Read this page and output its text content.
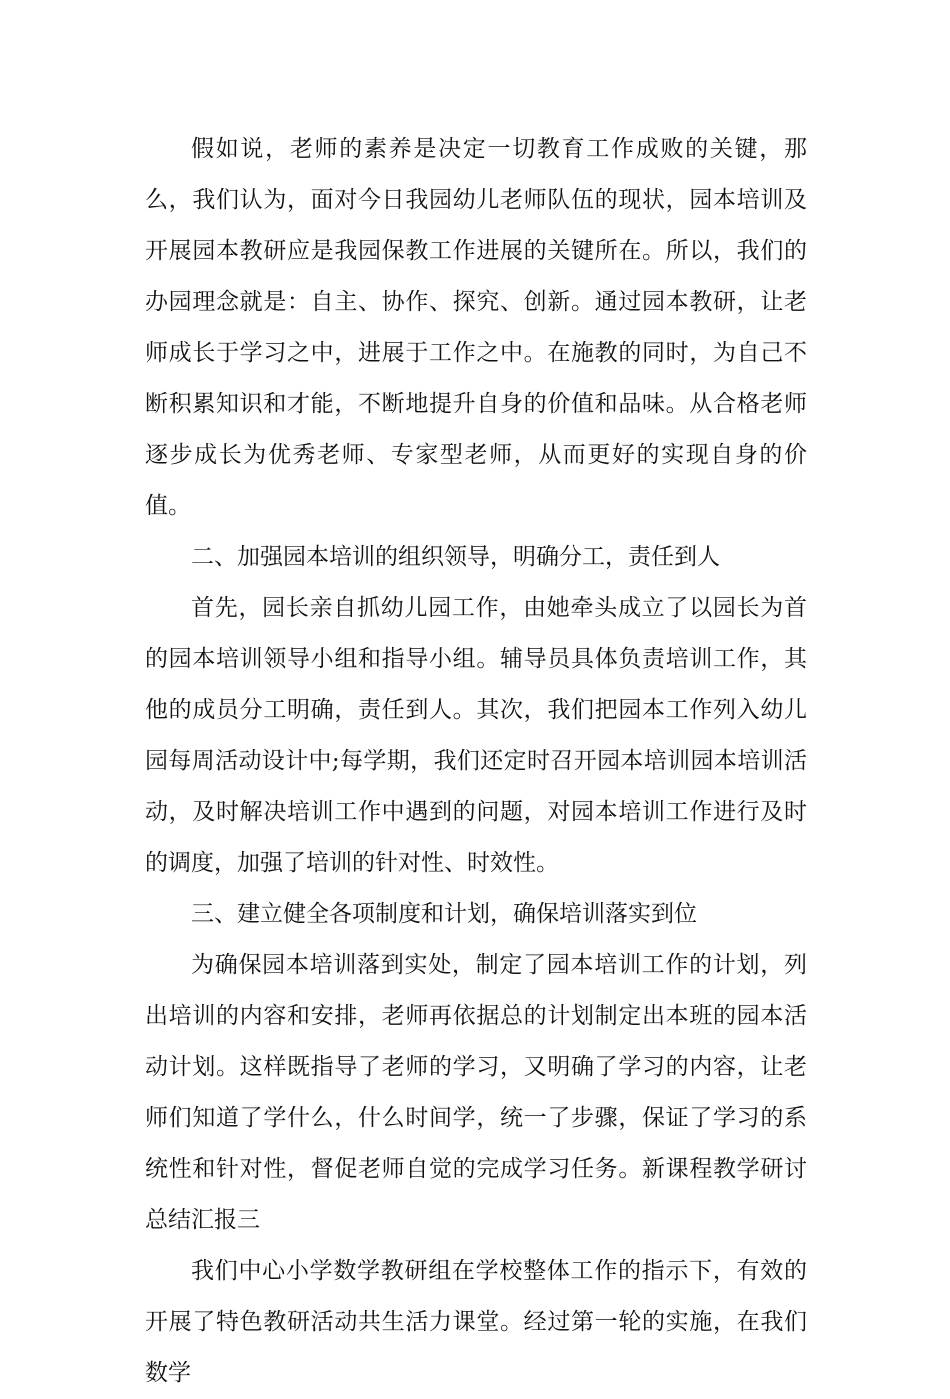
假如说，老师的素养是决定一切教育工作成败的关键，那么，我们认为，面对今日我园幼儿老师队伍的现状，园本培训及开展园本教研应是我园保教工作进展的关键所在。所以，我们的办园理念就是：自主、协作、探究、创新。通过园本教研，让老师成长于学习之中，进展于工作之中。在施教的同时，为自己不断积累知识和才能，不断地提升自身的价值和品味。从合格老师逐步成长为优秀老师、专家型老师，从而更好的实现自身的价值。

二、加强园本培训的组织领导，明确分工，责任到人

首先，园长亲自抓幼儿园工作，由她牵头成立了以园长为首的园本培训领导小组和指导小组。辅导员具体负责培训工作，其他的成员分工明确，责任到人。其次，我们把园本工作列入幼儿园每周活动设计中;每学期，我们还定时召开园本培训园本培训活动，及时解决培训工作中遇到的问题，对园本培训工作进行及时的调度，加强了培训的针对性、时效性。

三、建立健全各项制度和计划，确保培训落实到位

为确保园本培训落到实处，制定了园本培训工作的计划，列出培训的内容和安排，老师再依据总的计划制定出本班的园本活动计划。这样既指导了老师的学习，又明确了学习的内容，让老师们知道了学什么，什么时间学，统一了步骤，保证了学习的系统性和针对性，督促老师自觉的完成学习任务。新课程教学研讨总结汇报三

我们中心小学数学教研组在学校整体工作的指示下，有效的开展了特色教研活动共生活力课堂。经过第一轮的实施，在我们数学
